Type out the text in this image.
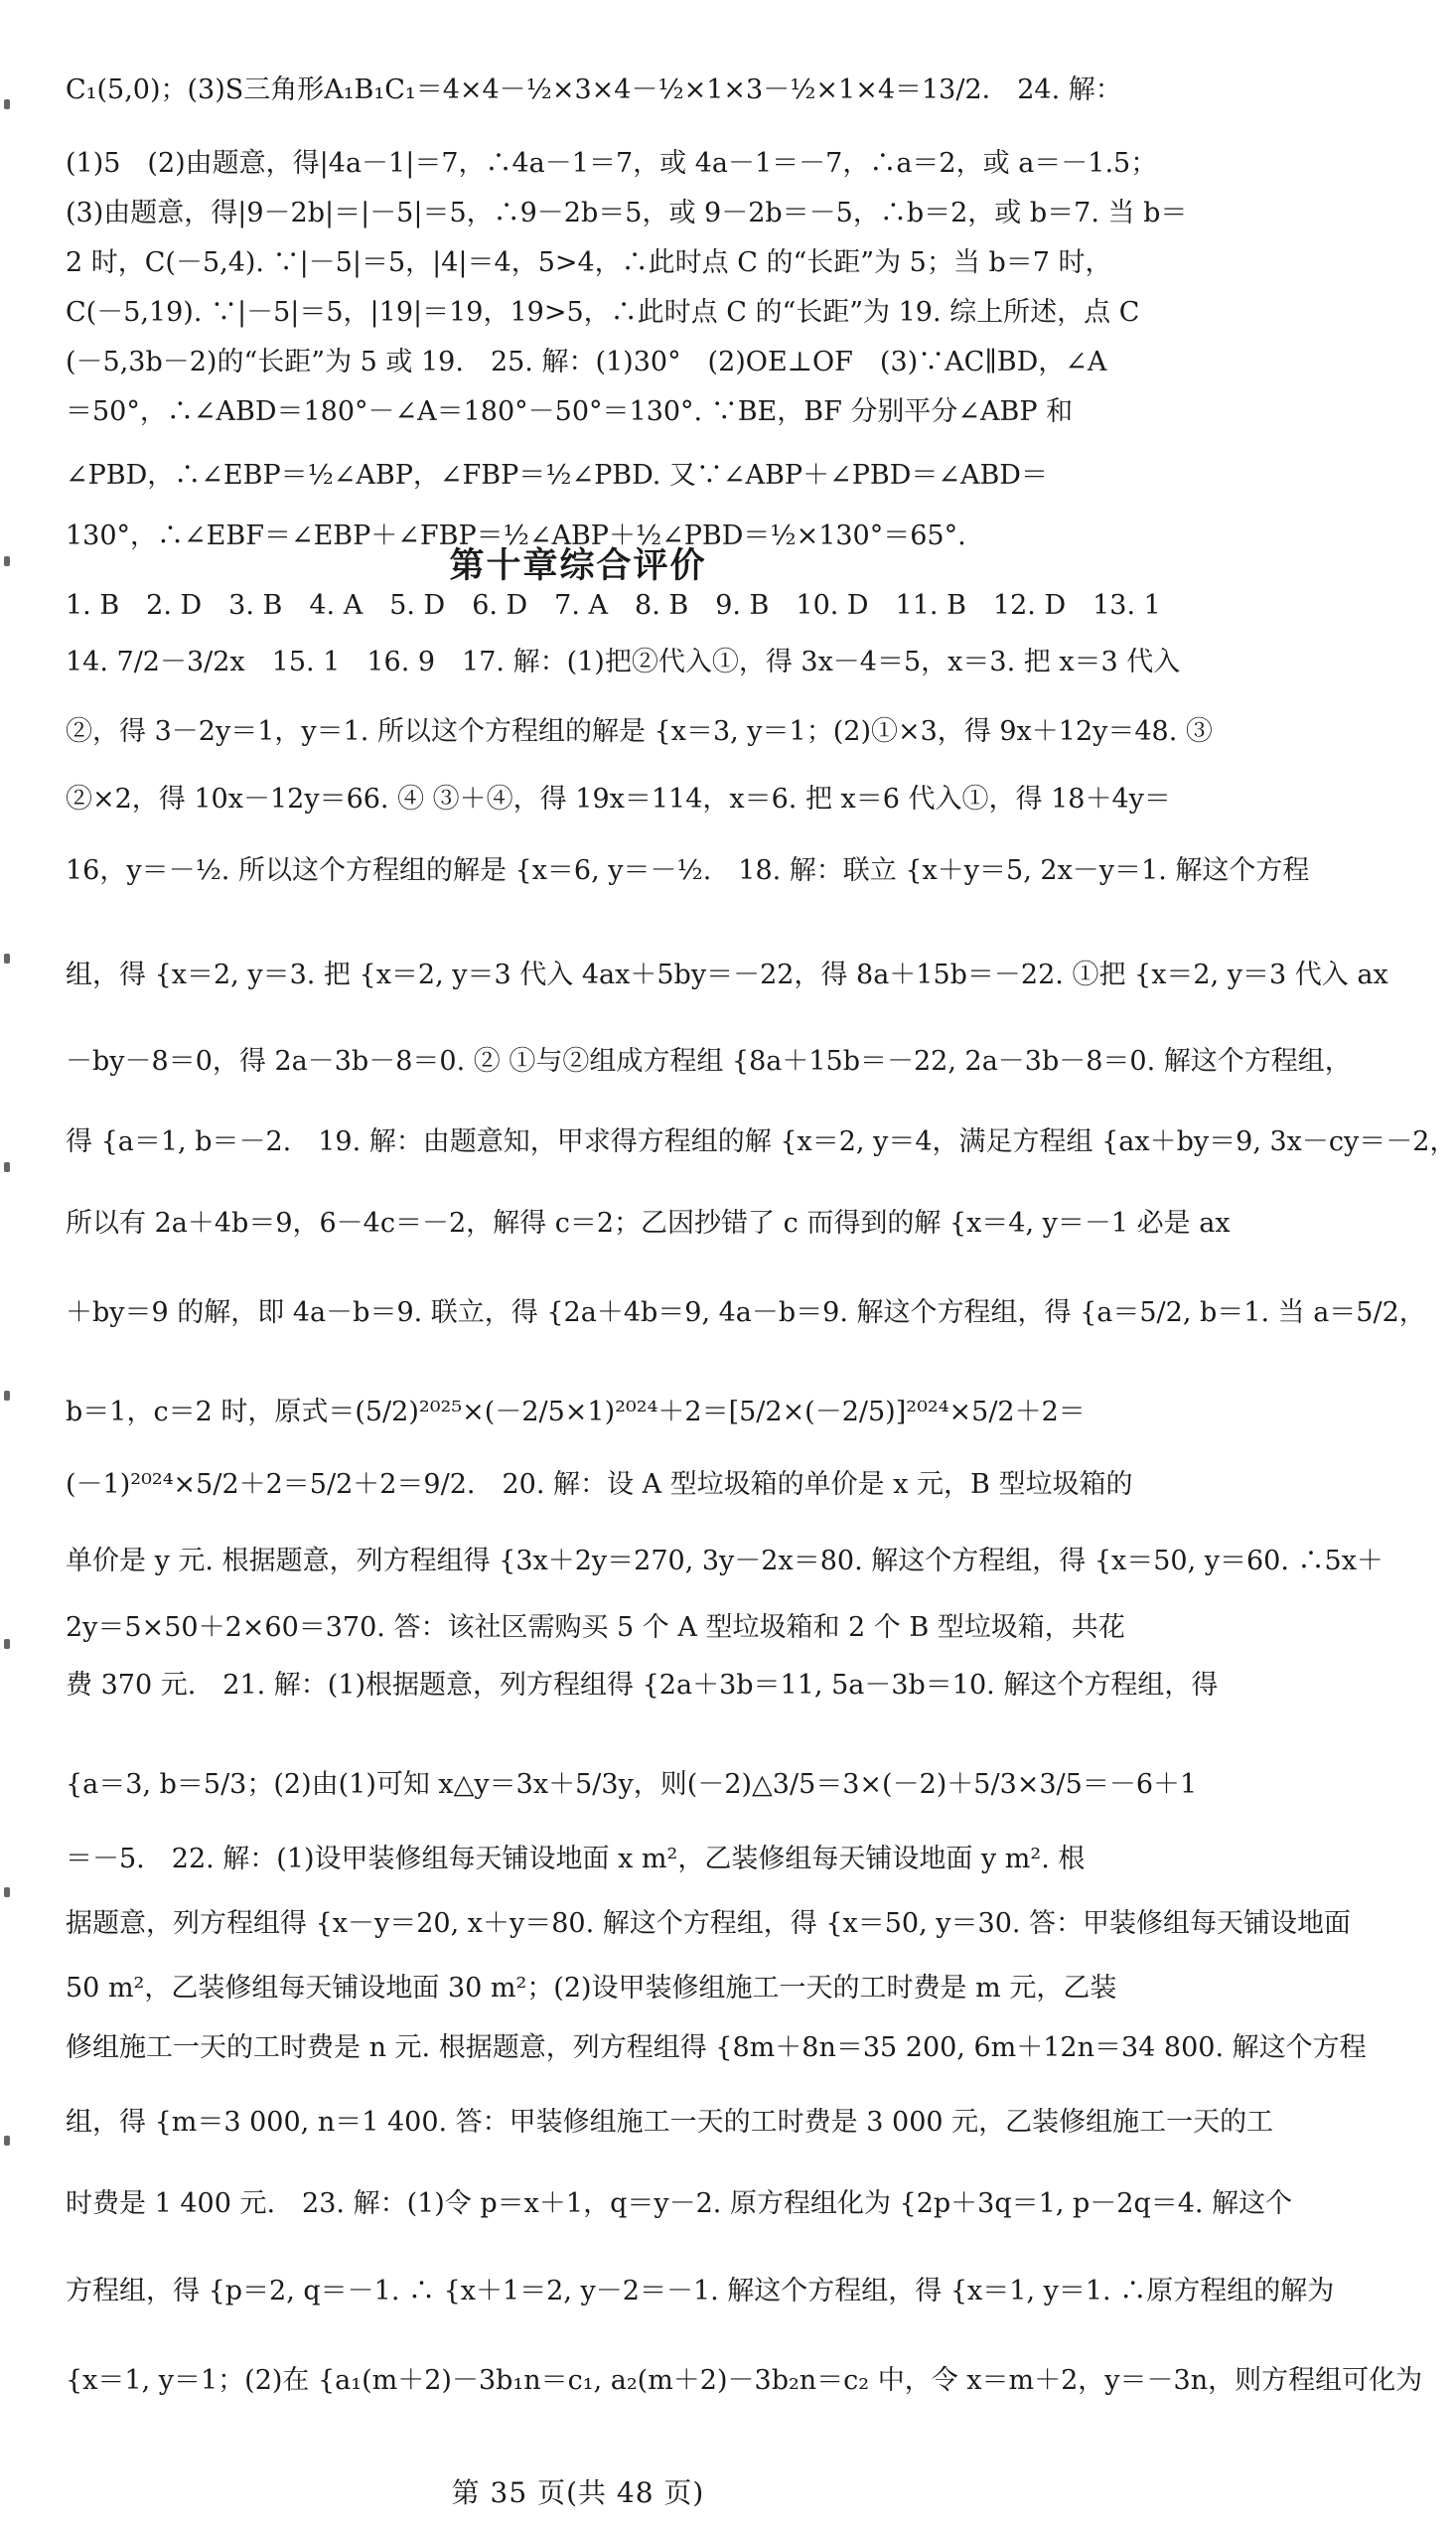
C₁(5,0)；(3)S三角形A₁B₁C₁＝4×4－½×3×4－½×1×3－½×1×4＝13/2． 24. 解：
(1)5　(2)由题意，得|4a－1|＝7，∴4a－1＝7，或 4a－1＝－7，∴a＝2，或 a＝－1.5；
(3)由题意，得|9－2b|＝|－5|＝5，∴9－2b＝5，或 9－2b＝－5，∴b＝2，或 b＝7. 当 b＝
2 时，C(－5,4). ∵|－5|＝5，|4|＝4，5>4，∴此时点 C 的“长距”为 5；当 b＝7 时，
C(－5,19). ∵|－5|＝5，|19|＝19，19>5，∴此时点 C 的“长距”为 19. 综上所述，点 C
(－5,3b－2)的“长距”为 5 或 19.　25. 解：(1)30°　(2)OE⊥OF　(3)∵AC∥BD，∠A
＝50°，∴∠ABD＝180°－∠A＝180°－50°＝130°. ∵BE，BF 分别平分∠ABP 和
∠PBD，∴∠EBP＝½∠ABP，∠FBP＝½∠PBD. 又∵∠ABP＋∠PBD＝∠ABD＝
130°，∴∠EBF＝∠EBP＋∠FBP＝½∠ABP＋½∠PBD＝½×130°＝65°.
第十章综合评价
1. B　2. D　3. B　4. A　5. D　6. D　7. A　8. B　9. B　10. D　11. B　12. D　13. 1
14. 7/2－3/2x　15. 1　16. 9　17. 解：(1)把②代入①，得 3x－4＝5，x＝3. 把 x＝3 代入
②，得 3－2y＝1，y＝1. 所以这个方程组的解是 {x＝3, y＝1；(2)①×3，得 9x＋12y＝48. ③
②×2，得 10x－12y＝66. ④ ③＋④，得 19x＝114，x＝6. 把 x＝6 代入①，得 18＋4y＝
16，y＝－½. 所以这个方程组的解是 {x＝6, y＝－½.　18. 解：联立 {x＋y＝5, 2x－y＝1. 解这个方程
组，得 {x＝2, y＝3. 把 {x＝2, y＝3 代入 4ax＋5by＝－22，得 8a＋15b＝－22. ①把 {x＝2, y＝3 代入 ax
－by－8＝0，得 2a－3b－8＝0. ② ①与②组成方程组 {8a＋15b＝－22, 2a－3b－8＝0. 解这个方程组，
得 {a＝1, b＝－2.　19. 解：由题意知，甲求得方程组的解 {x＝2, y＝4，满足方程组 {ax＋by＝9, 3x－cy＝－2，
所以有 2a＋4b＝9，6－4c＝－2，解得 c＝2；乙因抄错了 c 而得到的解 {x＝4, y＝－1 必是 ax
＋by＝9 的解，即 4a－b＝9. 联立，得 {2a＋4b＝9, 4a－b＝9. 解这个方程组，得 {a＝5/2, b＝1. 当 a＝5/2，
b＝1，c＝2 时，原式＝(5/2)²⁰²⁵×(－2/5×1)²⁰²⁴＋2＝[5/2×(－2/5)]²⁰²⁴×5/2＋2＝
(－1)²⁰²⁴×5/2＋2＝5/2＋2＝9/2.　20. 解：设 A 型垃圾箱的单价是 x 元，B 型垃圾箱的
单价是 y 元. 根据题意，列方程组得 {3x＋2y＝270, 3y－2x＝80. 解这个方程组，得 {x＝50, y＝60. ∴5x＋
2y＝5×50＋2×60＝370. 答：该社区需购买 5 个 A 型垃圾箱和 2 个 B 型垃圾箱，共花
费 370 元.　21. 解：(1)根据题意，列方程组得 {2a＋3b＝11, 5a－3b＝10. 解这个方程组，得
{a＝3, b＝5/3；(2)由(1)可知 x△y＝3x＋5/3y，则(－2)△3/5＝3×(－2)＋5/3×3/5＝－6＋1
＝－5.　22. 解：(1)设甲装修组每天铺设地面 x m²，乙装修组每天铺设地面 y m². 根
据题意，列方程组得 {x－y＝20, x＋y＝80. 解这个方程组，得 {x＝50, y＝30. 答：甲装修组每天铺设地面
50 m²，乙装修组每天铺设地面 30 m²；(2)设甲装修组施工一天的工时费是 m 元，乙装
修组施工一天的工时费是 n 元. 根据题意，列方程组得 {8m＋8n＝35 200, 6m＋12n＝34 800. 解这个方程
组，得 {m＝3 000, n＝1 400. 答：甲装修组施工一天的工时费是 3 000 元，乙装修组施工一天的工
时费是 1 400 元.　23. 解：(1)令 p＝x＋1，q＝y－2. 原方程组化为 {2p＋3q＝1, p－2q＝4. 解这个
方程组，得 {p＝2, q＝－1. ∴ {x＋1＝2, y－2＝－1. 解这个方程组，得 {x＝1, y＝1. ∴原方程组的解为
{x＝1, y＝1；(2)在 {a₁(m＋2)－3b₁n＝c₁, a₂(m＋2)－3b₂n＝c₂ 中，令 x＝m＋2，y＝－3n，则方程组可化为
第 35 页(共 48 页)
